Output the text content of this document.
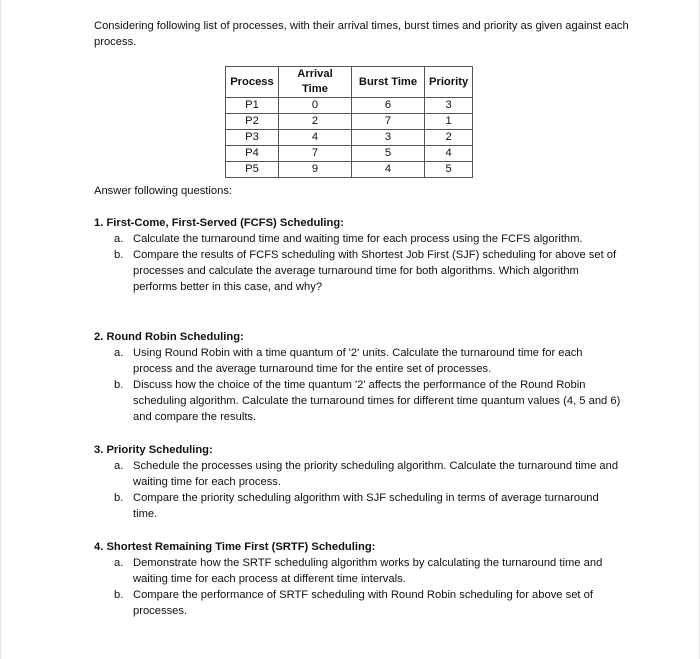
Considering following list of processes, with their arrival times, burst times and priority as given against each process.
Process	Arrival Time	Burst Time	Priority
P1	0	6	3
P2	2	7	1
P3	4	3	2
P4	7	5	4
P5	9	4	5
Answer following questions:
1. First-Come, First-Served (FCFS) Scheduling:
a. Calculate the turnaround time and waiting time for each process using the FCFS algorithm.
b. Compare the results of FCFS scheduling with Shortest Job First (SJF) scheduling for above set of processes and calculate the average turnaround time for both algorithms. Which algorithm performs better in this case, and why?
2. Round Robin Scheduling:
a. Using Round Robin with a time quantum of '2' units. Calculate the turnaround time for each process and the average turnaround time for the entire set of processes.
b. Discuss how the choice of the time quantum '2' affects the performance of the Round Robin scheduling algorithm. Calculate the turnaround times for different time quantum values (4, 5 and 6) and compare the results.
3. Priority Scheduling:
a. Schedule the processes using the priority scheduling algorithm. Calculate the turnaround time and waiting time for each process.
b. Compare the priority scheduling algorithm with SJF scheduling in terms of average turnaround time.
4. Shortest Remaining Time First (SRTF) Scheduling:
a. Demonstrate how the SRTF scheduling algorithm works by calculating the turnaround time and waiting time for each process at different time intervals.
b. Compare the performance of SRTF scheduling with Round Robin scheduling for above set of processes.
